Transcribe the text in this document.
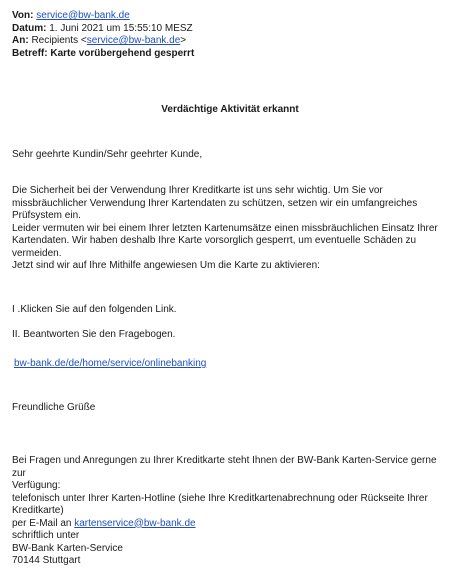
Von: service@bw-bank.de
Datum: 1. Juni 2021 um 15:55:10 MESZ
An: Recipients <service@bw-bank.de>
Betreff: Karte vorübergehend gesperrt
Verdächtige Aktivität erkannt
Sehr geehrte Kundin/Sehr geehrter Kunde,
Die Sicherheit bei der Verwendung Ihrer Kreditkarte ist uns sehr wichtig. Um Sie vor
missbräuchlicher Verwendung Ihrer Kartendaten zu schützen, setzen wir ein umfangreiches
Prüfsystem ein.
Leider vermuten wir bei einem Ihrer letzten Kartenumsätze einen missbräuchlichen Einsatz Ihrer
Kartendaten. Wir haben deshalb Ihre Karte vorsorglich gesperrt, um eventuelle Schäden zu
vermeiden.
Jetzt sind wir auf Ihre Mithilfe angewiesen Um die Karte zu aktivieren:
I .Klicken Sie auf den folgenden Link.
II. Beantworten Sie den Fragebogen.
bw-bank.de/de/home/service/onlinebanking
Freundliche Grüße
Bei Fragen und Anregungen zu Ihrer Kreditkarte steht Ihnen der BW-Bank Karten-Service gerne zur
Verfügung:
telefonisch unter Ihrer Karten-Hotline (siehe Ihre Kreditkartenabrechnung oder Rückseite Ihrer
Kreditkarte)
per E-Mail an kartenservice@bw-bank.de
schriftlich unter
BW-Bank Karten-Service
70144 Stuttgart
